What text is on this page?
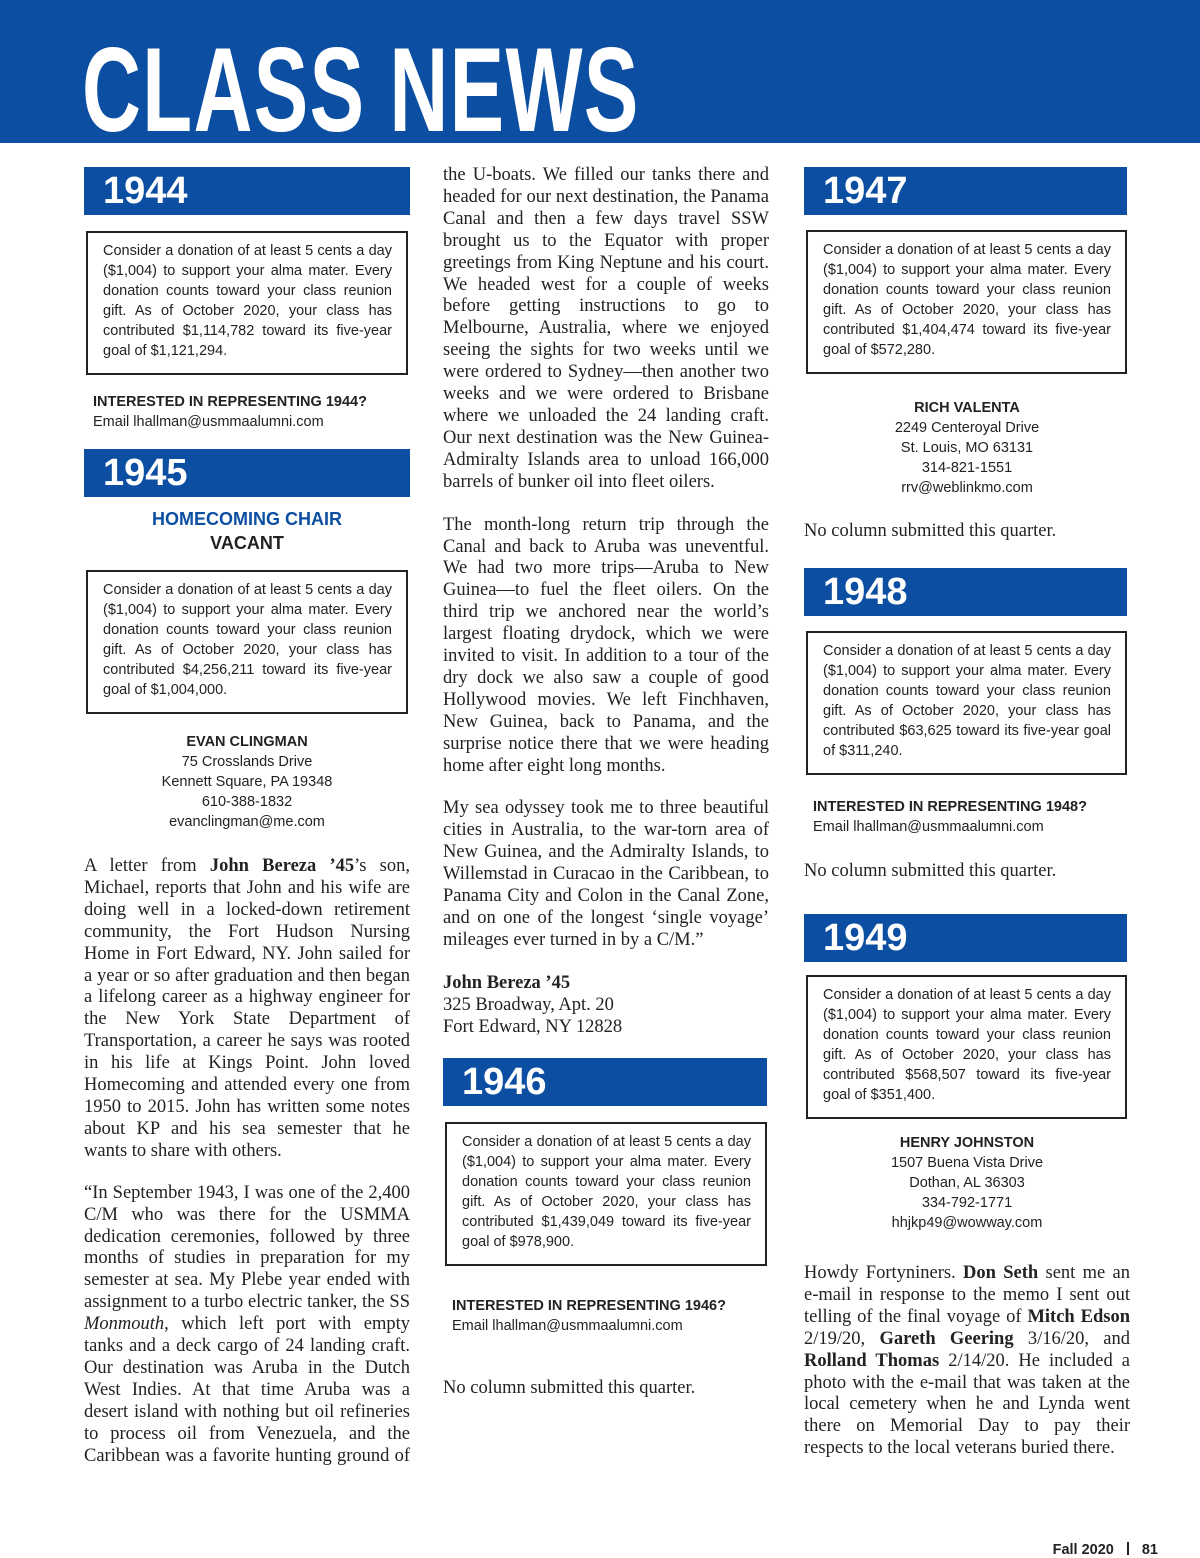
CLASS NEWS
1944
Consider a donation of at least 5 cents a day ($1,004) to support your alma mater. Every donation counts toward your class reunion gift. As of October 2020, your class has contributed $1,114,782 toward its five-year goal of $1,121,294.
INTERESTED IN REPRESENTING 1944?
Email lhallman@usmmaalumni.com
1945
HOMECOMING CHAIR
VACANT
Consider a donation of at least 5 cents a day ($1,004) to support your alma mater. Every donation counts toward your class reunion gift. As of October 2020, your class has contributed $4,256,211 toward its five-year goal of $1,004,000.
EVAN CLINGMAN
75 Crosslands Drive
Kennett Square, PA 19348
610-388-1832
evanclingman@me.com

A letter from John Bereza ’45’s son, Michael, reports that John and his wife are doing well in a locked-down retirement community, the Fort Hudson Nursing Home in Fort Edward, NY. John sailed for a year or so after graduation and then began a lifelong career as a highway engineer for the New York State Department of Transportation, a career he says was rooted in his life at Kings Point. John loved Homecoming and attended every one from 1950 to 2015. John has written some notes about KP and his sea semester that he wants to share with others.

“In September 1943, I was one of the 2,400 C/M who was there for the USMMA dedication ceremonies, followed by three months of studies in preparation for my semester at sea. My Plebe year ended with assignment to a turbo electric tanker, the SS Monmouth, which left port with empty tanks and a deck cargo of 24 landing craft. Our destination was Aruba in the Dutch West Indies. At that time Aruba was a desert island with nothing but oil refineries to process oil from Venezuela, and the Caribbean was a favorite hunting ground of

the U-boats. We filled our tanks there and headed for our next destination, the Panama Canal and then a few days travel SSW brought us to the Equator with proper greetings from King Neptune and his court. We headed west for a couple of weeks before getting instructions to go to Melbourne, Australia, where we enjoyed seeing the sights for two weeks until we were ordered to Sydney—then another two weeks and we were ordered to Brisbane where we unloaded the 24 landing craft. Our next destination was the New Guinea-Admiralty Islands area to unload 166,000 barrels of bunker oil into fleet oilers.

The month-long return trip through the Canal and back to Aruba was uneventful. We had two more trips—Aruba to New Guinea—to fuel the fleet oilers. On the third trip we anchored near the world’s largest floating drydock, which we were invited to visit. In addition to a tour of the dry dock we also saw a couple of good Hollywood movies. We left Finchhaven, New Guinea, back to Panama, and the surprise notice there that we were heading home after eight long months.

My sea odyssey took me to three beautiful cities in Australia, to the war-torn area of New Guinea, and the Admiralty Islands, to Willemstad in Curacao in the Caribbean, to Panama City and Colon in the Canal Zone, and on one of the longest ‘single voyage’ mileages ever turned in by a C/M.”

John Bereza ’45
325 Broadway, Apt. 20
Fort Edward, NY 12828
1946
Consider a donation of at least 5 cents a day ($1,004) to support your alma mater. Every donation counts toward your class reunion gift. As of October 2020, your class has contributed $1,439,049 toward its five-year goal of $978,900.
INTERESTED IN REPRESENTING 1946?
Email lhallman@usmmaalumni.com

No column submitted this quarter.

1947
Consider a donation of at least 5 cents a day ($1,004) to support your alma mater. Every donation counts toward your class reunion gift. As of October 2020, your class has contributed $1,404,474 toward its five-year goal of $572,280.
RICH VALENTA
2249 Centeroyal Drive
St. Louis, MO 63131
314-821-1551
rrv@weblinkmo.com

No column submitted this quarter.

1948
Consider a donation of at least 5 cents a day ($1,004) to support your alma mater. Every donation counts toward your class reunion gift. As of October 2020, your class has contributed $63,625 toward its five-year goal of $311,240.
INTERESTED IN REPRESENTING 1948?
Email lhallman@usmmaalumni.com

No column submitted this quarter.

1949
Consider a donation of at least 5 cents a day ($1,004) to support your alma mater. Every donation counts toward your class reunion gift. As of October 2020, your class has contributed $568,507 toward its five-year goal of $351,400.
HENRY JOHNSTON
1507 Buena Vista Drive
Dothan, AL 36303
334-792-1771
hhjkp49@wowway.com

Howdy Fortyniners. Don Seth sent me an e-mail in response to the memo I sent out telling of the final voyage of Mitch Edson 2/19/20, Gareth Geering 3/16/20, and Rolland Thomas 2/14/20. He included a photo with the e-mail that was taken at the local cemetery when he and Lynda went there on Memorial Day to pay their respects to the local veterans buried there.

Fall 2020 81
